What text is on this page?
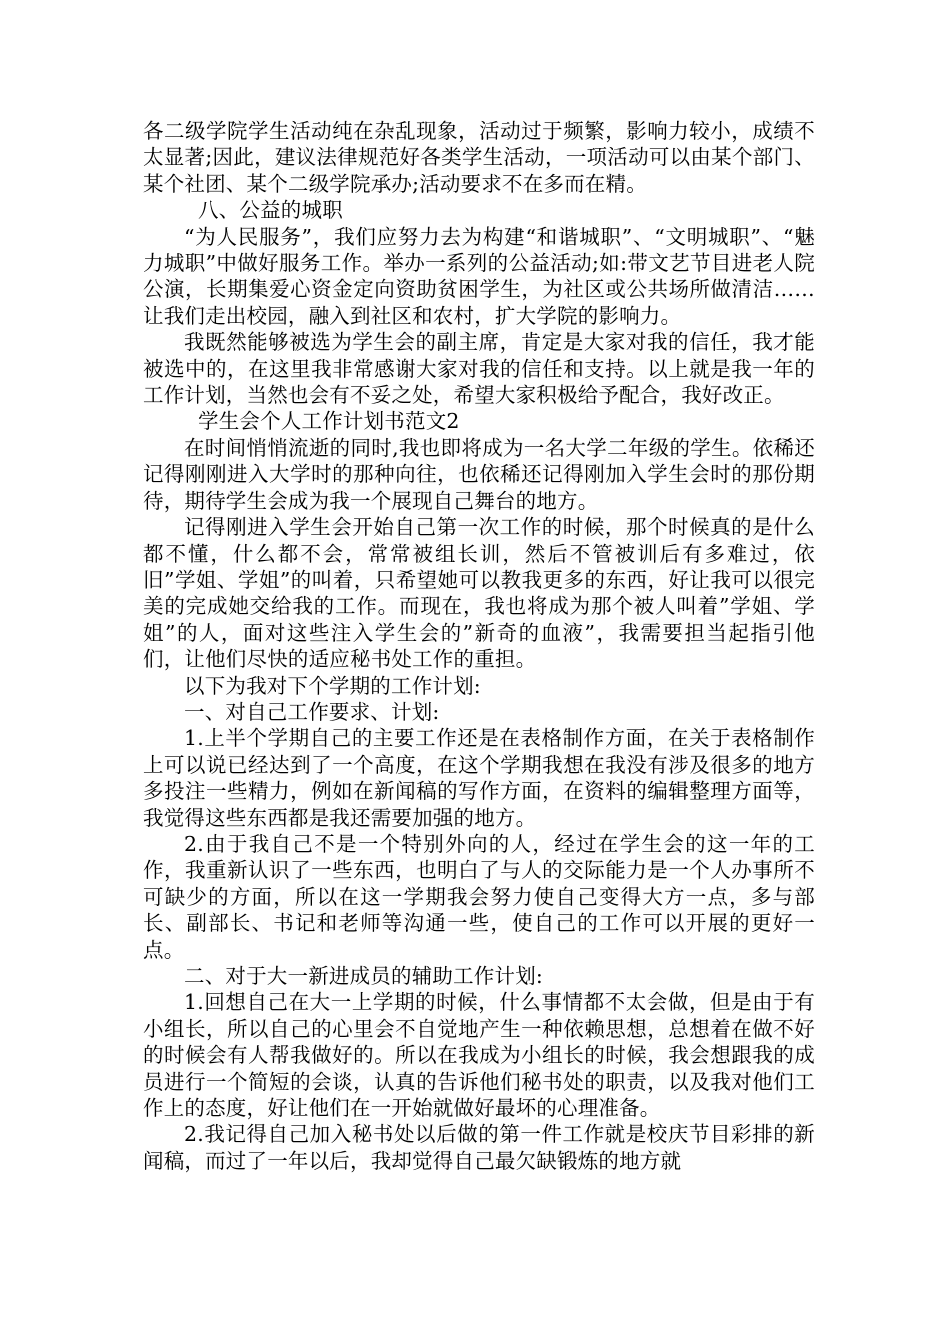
各二级学院学生活动纯在杂乱现象，活动过于频繁，影响力较小，成绩不太显著;因此，建议法律规范好各类学生活动，一项活动可以由某个部门、某个社团、某个二级学院承办;活动要求不在多而在精。

八、公益的城职

“为人民服务”，我们应努力去为构建“和谐城职”、“文明城职”、“魅力城职”中做好服务工作。举办一系列的公益活动;如:带文艺节目进老人院公演，长期集爱心资金定向资助贫困学生，为社区或公共场所做清洁……让我们走出校园，融入到社区和农村，扩大学院的影响力。

我既然能够被选为学生会的副主席，肯定是大家对我的信任，我才能被选中的，在这里我非常感谢大家对我的信任和支持。以上就是我一年的工作计划，当然也会有不妥之处，希望大家积极给予配合，我好改正。

学生会个人工作计划书范文2

在时间悄悄流逝的同时,我也即将成为一名大学二年级的学生。依稀还记得刚刚进入大学时的那种向往，也依稀还记得刚加入学生会时的那份期待，期待学生会成为我一个展现自己舞台的地方。

记得刚进入学生会开始自己第一次工作的时候，那个时候真的是什么都不懂，什么都不会，常常被组长训，然后不管被训后有多难过，依旧”学姐、学姐”的叫着，只希望她可以教我更多的东西，好让我可以很完美的完成她交给我的工作。而现在，我也将成为那个被人叫着”学姐、学姐”的人，面对这些注入学生会的”新奇的血液”，我需要担当起指引他们，让他们尽快的适应秘书处工作的重担。

以下为我对下个学期的工作计划:

一、对自己工作要求、计划:

1.上半个学期自己的主要工作还是在表格制作方面，在关于表格制作上可以说已经达到了一个高度，在这个学期我想在我没有涉及很多的地方多投注一些精力，例如在新闻稿的写作方面，在资料的编辑整理方面等，我觉得这些东西都是我还需要加强的地方。

2.由于我自己不是一个特别外向的人，经过在学生会的这一年的工作，我重新认识了一些东西，也明白了与人的交际能力是一个人办事所不可缺少的方面，所以在这一学期我会努力使自己变得大方一点，多与部长、副部长、书记和老师等沟通一些，使自己的工作可以开展的更好一点。

二、对于大一新进成员的辅助工作计划:

1.回想自己在大一上学期的时候，什么事情都不太会做，但是由于有小组长，所以自己的心里会不自觉地产生一种依赖思想，总想着在做不好的时候会有人帮我做好的。所以在我成为小组长的时候，我会想跟我的成员进行一个简短的会谈，认真的告诉他们秘书处的职责，以及我对他们工作上的态度，好让他们在一开始就做好最坏的心理准备。

2.我记得自己加入秘书处以后做的第一件工作就是校庆节目彩排的新闻稿，而过了一年以后，我却觉得自己最欠缺锻炼的地方就
